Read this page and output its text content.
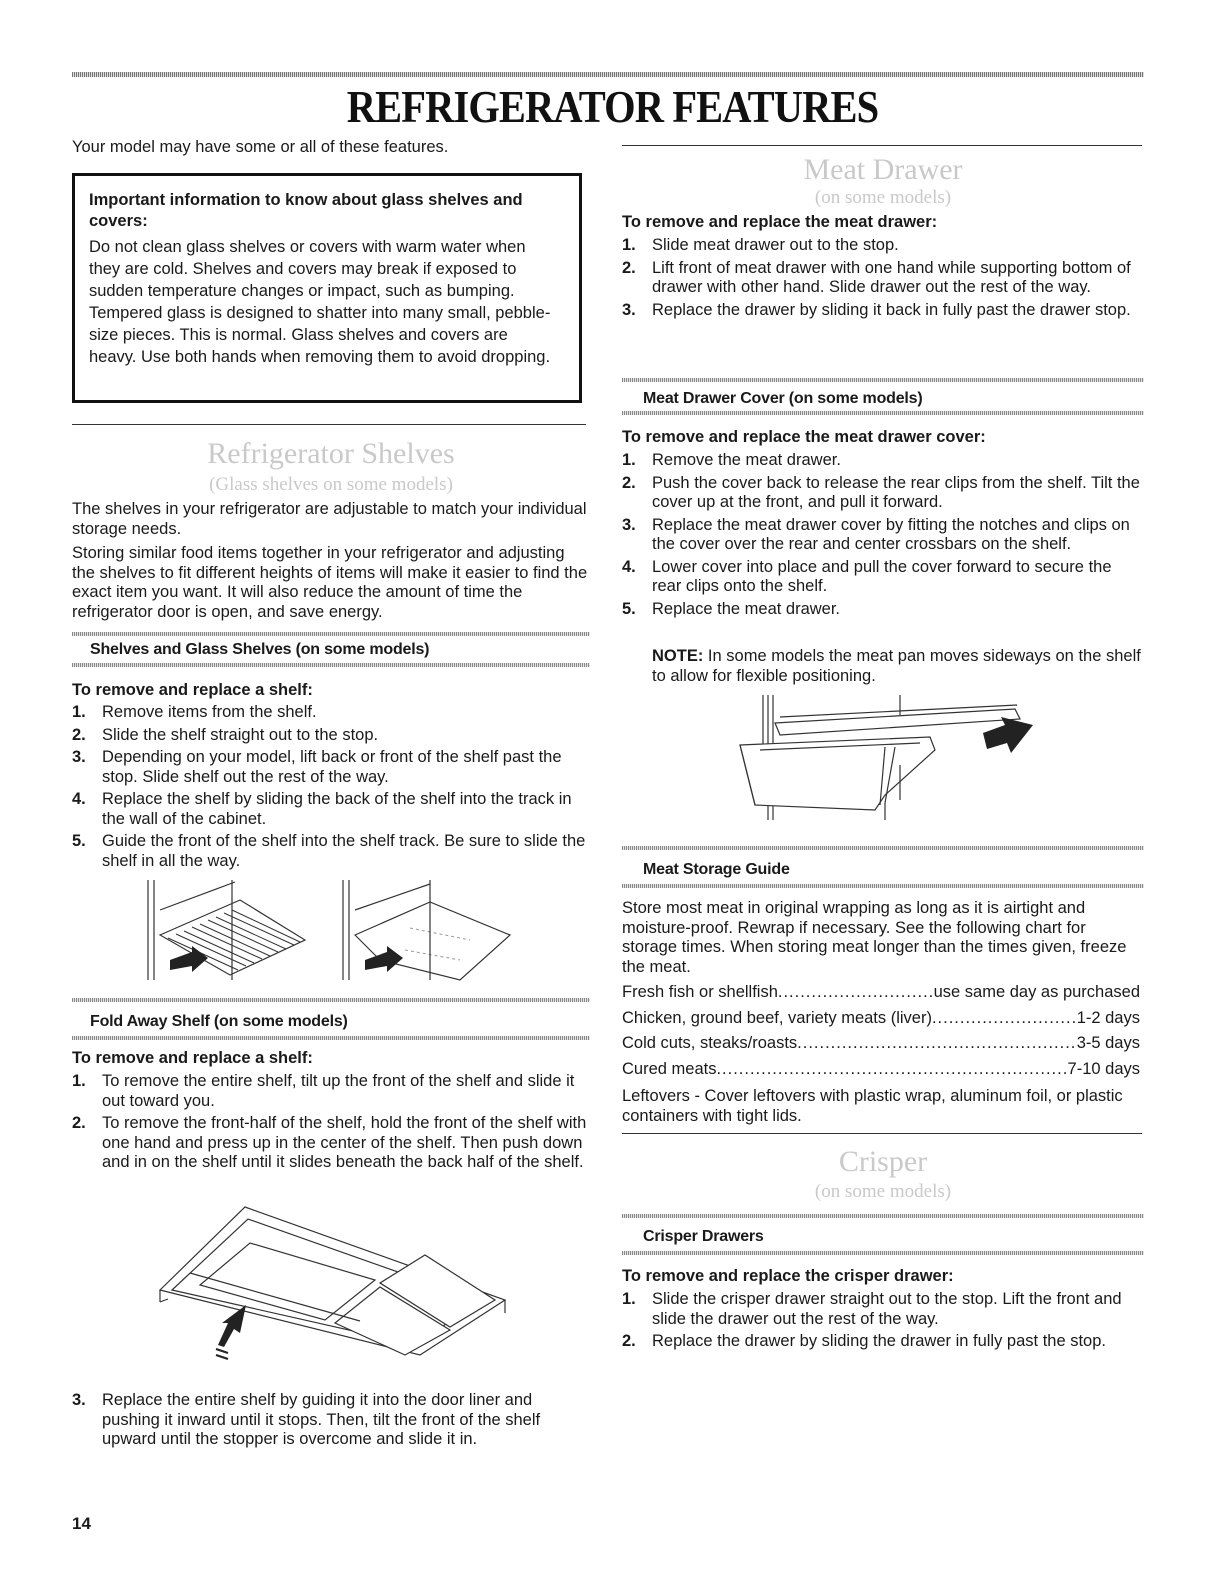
REFRIGERATOR FEATURES

Your model may have some or all of these features.

Important information to know about glass shelves and covers:

Do not clean glass shelves or covers with warm water when they are cold. Shelves and covers may break if exposed to sudden temperature changes or impact, such as bumping. Tempered glass is designed to shatter into many small, pebble-size pieces. This is normal. Glass shelves and covers are heavy. Use both hands when removing them to avoid dropping.

Refrigerator Shelves

(Glass shelves on some models)

The shelves in your refrigerator are adjustable to match your individual storage needs.

Storing similar food items together in your refrigerator and adjusting the shelves to fit different heights of items will make it easier to find the exact item you want. It will also reduce the amount of time the refrigerator door is open, and save energy.

Shelves and Glass Shelves (on some models)

To remove and replace a shelf:

1. Remove items from the shelf.
2. Slide the shelf straight out to the stop.
3. Depending on your model, lift back or front of the shelf past the stop. Slide shelf out the rest of the way.
4. Replace the shelf by sliding the back of the shelf into the track in the wall of the cabinet.
5. Guide the front of the shelf into the shelf track. Be sure to slide the shelf in all the way.

Fold Away Shelf (on some models)

To remove and replace a shelf:

1. To remove the entire shelf, tilt up the front of the shelf and slide it out toward you.
2. To remove the front-half of the shelf, hold the front of the shelf with one hand and press up in the center of the shelf. Then push down and in on the shelf until it slides beneath the back half of the shelf.
3. Replace the entire shelf by guiding it into the door liner and pushing it inward until it stops. Then, tilt the front of the shelf upward until the stopper is overcome and slide it in.

Meat Drawer

(on some models)

To remove and replace the meat drawer:

1. Slide meat drawer out to the stop.
2. Lift front of meat drawer with one hand while supporting bottom of drawer with other hand. Slide drawer out the rest of the way.
3. Replace the drawer by sliding it back in fully past the drawer stop.

Meat Drawer Cover (on some models)

To remove and replace the meat drawer cover:

1. Remove the meat drawer.
2. Push the cover back to release the rear clips from the shelf. Tilt the cover up at the front, and pull it forward.
3. Replace the meat drawer cover by fitting the notches and clips on the cover over the rear and center crossbars on the shelf.
4. Lower cover into place and pull the cover forward to secure the rear clips onto the shelf.
5. Replace the meat drawer.

NOTE: In some models the meat pan moves sideways on the shelf to allow for flexible positioning.

Meat Storage Guide

Store most meat in original wrapping as long as it is airtight and moisture-proof. Rewrap if necessary. See the following chart for storage times. When storing meat longer than the times given, freeze the meat.

Fresh fish or shellfish .....	use same day as purchased
Chicken, ground beef, variety meats (liver) .....	1-2 days
Cold cuts, steaks/roasts .....	3-5 days
Cured meats .....	7-10 days

Leftovers - Cover leftovers with plastic wrap, aluminum foil, or plastic containers with tight lids.

Crisper

(on some models)

Crisper Drawers

To remove and replace the crisper drawer:

1. Slide the crisper drawer straight out to the stop. Lift the front and slide the drawer out the rest of the way.
2. Replace the drawer by sliding the drawer in fully past the stop.

14
